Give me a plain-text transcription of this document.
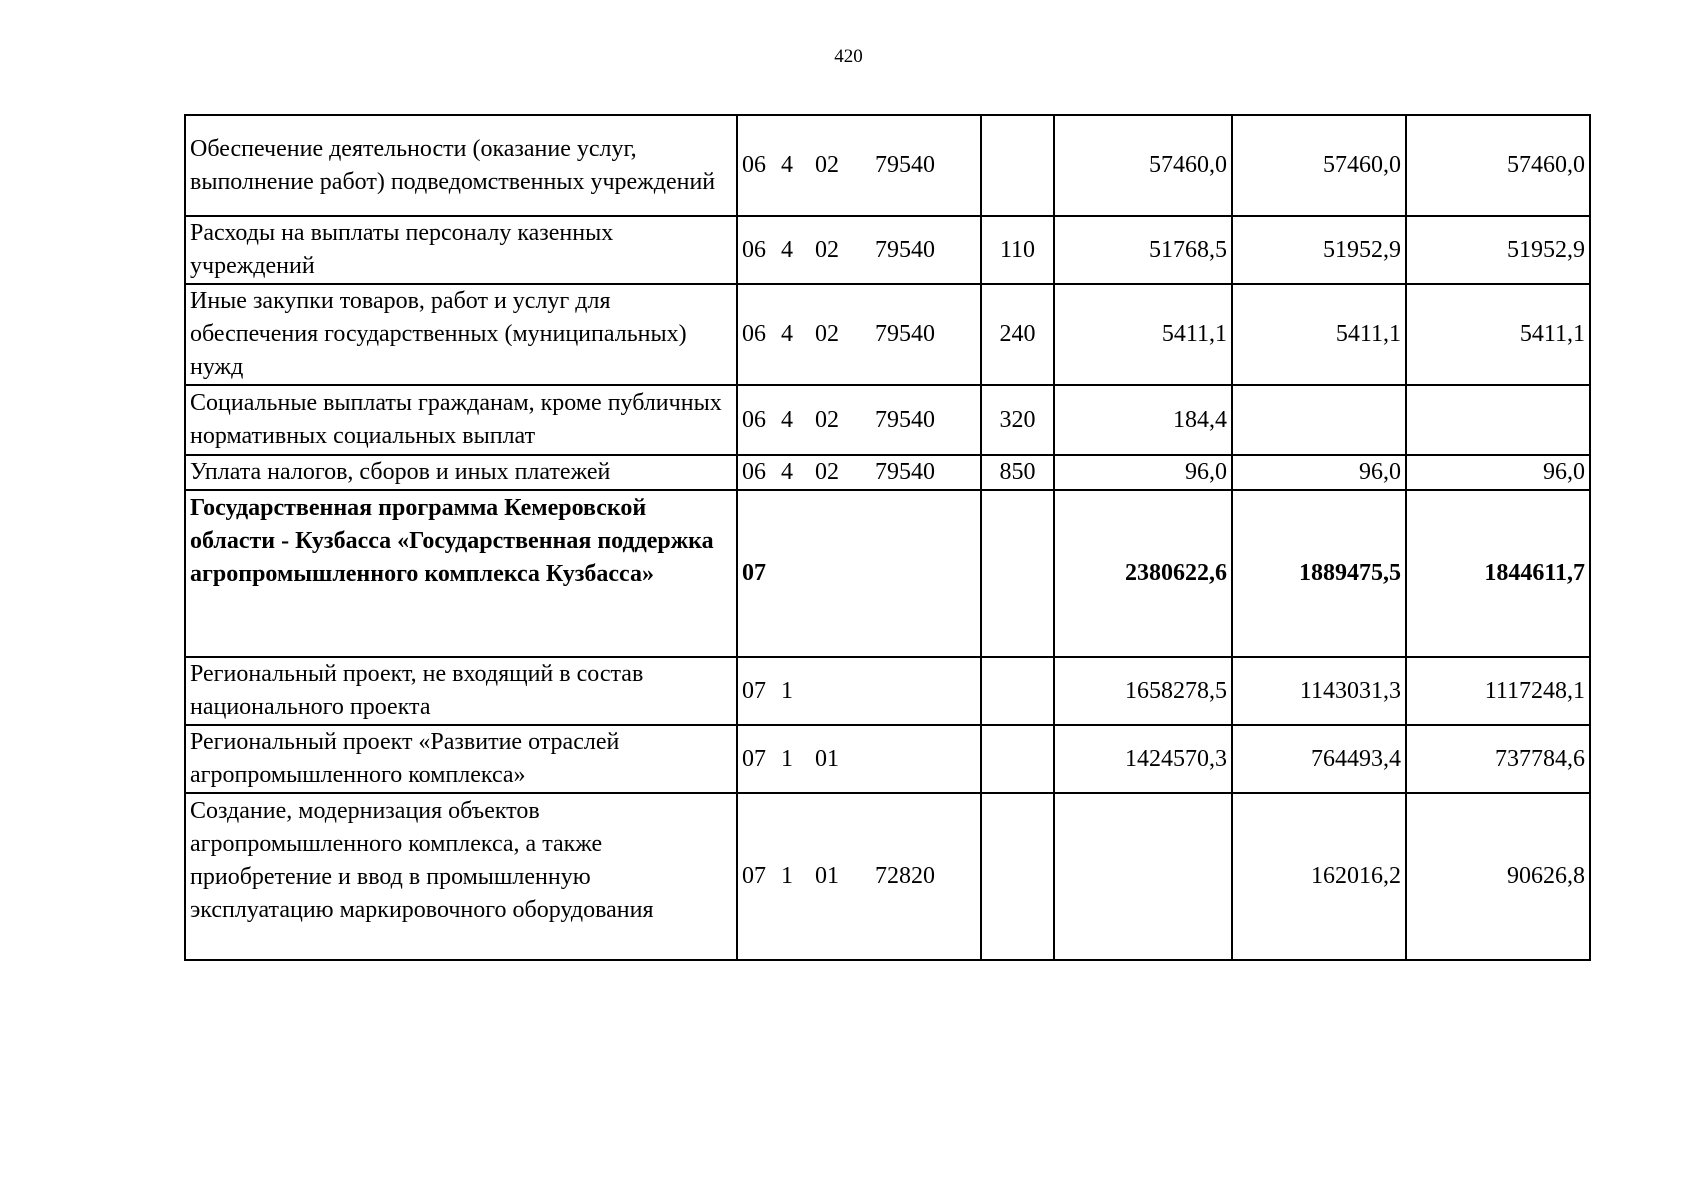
420
Обеспечение деятельности (оказание услуг, выполнение работ) подведомственных учреждений	06 4 02 79540		57460,0	57460,0	57460,0
Расходы на выплаты персоналу казенных учреждений	06 4 02 79540	110	51768,5	51952,9	51952,9
Иные закупки товаров, работ и услуг для обеспечения государственных (муниципальных) нужд	06 4 02 79540	240	5411,1	5411,1	5411,1
Социальные выплаты гражданам, кроме публичных нормативных социальных выплат	06 4 02 79540	320	184,4		
Уплата налогов, сборов и иных платежей	06 4 02 79540	850	96,0	96,0	96,0
Государственная программа Кемеровской области - Кузбасса «Государственная поддержка агропромышленного комплекса Кузбасса»	07		2380622,6	1889475,5	1844611,7
Региональный проект, не входящий в состав национального проекта	07 1		1658278,5	1143031,3	1117248,1
Региональный проект «Развитие отраслей агропромышленного комплекса»	07 1 01		1424570,3	764493,4	737784,6
Создание, модернизация объектов агропромышленного комплекса, а также приобретение и ввод в промышленную эксплуатацию маркировочного оборудования	07 1 01 72820			162016,2	90626,8
